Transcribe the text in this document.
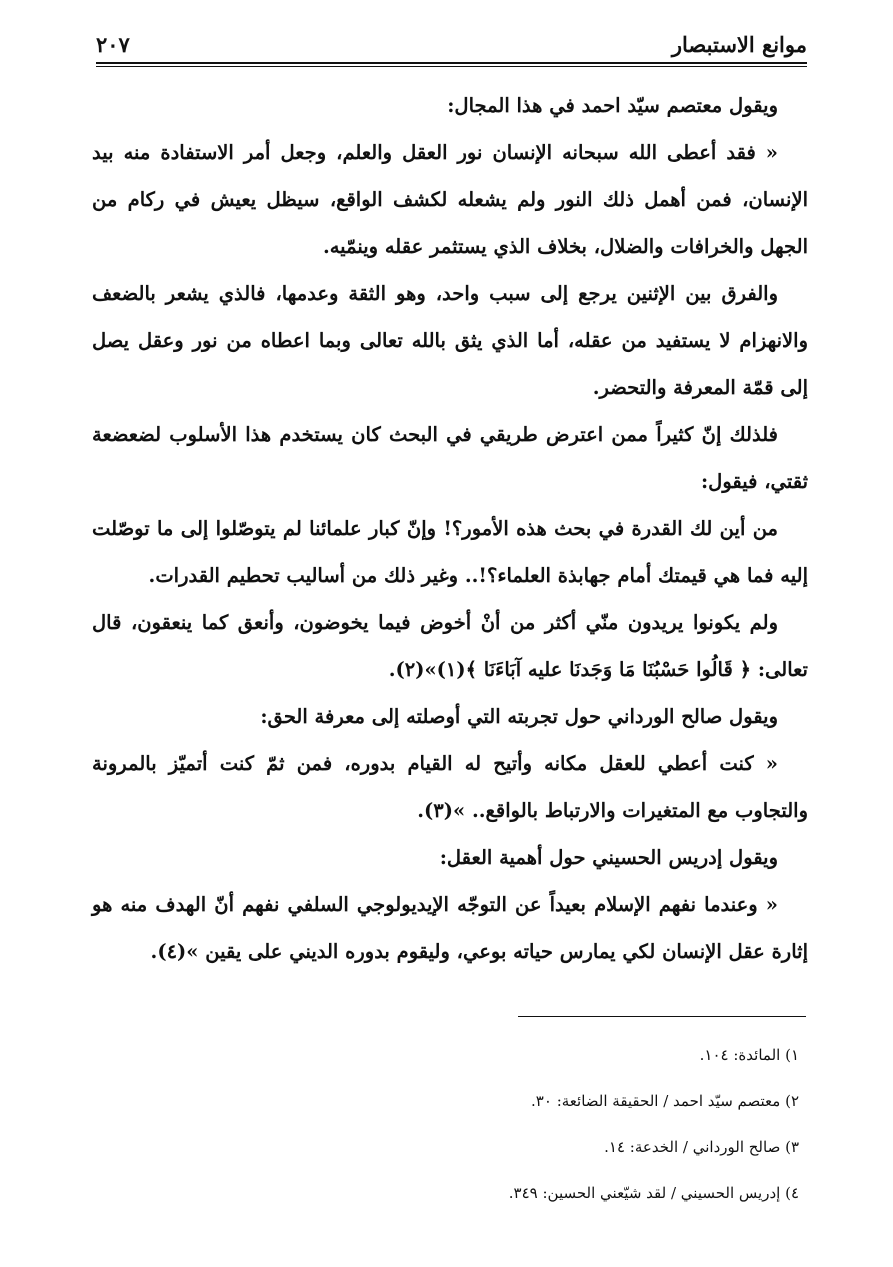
موانع الاستبصار
٢٠٧

ويقول معتصم سيّد احمد في هذا المجال:

« فقد أعطى الله سبحانه الإنسان نور العقل والعلم، وجعل أمر الاستفادة منه بيد الإنسان، فمن أهمل ذلك النور ولم يشعله لكشف الواقع، سيظل يعيش في ركام من الجهل والخرافات والضلال، بخلاف الذي يستثمر عقله وينمّيه.

والفرق بين الإثنين يرجع إلى سبب واحد، وهو الثقة وعدمها، فالذي يشعر بالضعف والانهزام لا يستفيد من عقله، أما الذي يثق بالله تعالى وبما اعطاه من نور وعقل يصل إلى قمّة المعرفة والتحضر.

فلذلك إنّ كثيراً ممن اعترض طريقي في البحث كان يستخدم هذا الأسلوب لضعضعة ثقتي، فيقول:

من أين لك القدرة في بحث هذه الأمور؟! وإنّ كبار علمائنا لم يتوصّلوا إلى ما توصّلت إليه فما هي قيمتك أمام جهابذة العلماء؟!.. وغير ذلك من أساليب تحطيم القدرات.

ولم يكونوا يريدون منّي أكثر من أنْ أخوض فيما يخوضون، وأنعق كما ينعقون، قال تعالى: ﴿ قَالُوا حَسْبُنَا مَا وَجَدنَا عليه آبَاءَنَا ﴾(١)»(٢).

ويقول صالح الورداني حول تجربته التي أوصلته إلى معرفة الحق:

« كنت أعطي للعقل مكانه وأتيح له القيام بدوره، فمن ثمّ كنت أتميّز بالمرونة والتجاوب مع المتغيرات والارتباط بالواقع.. »(٣).

ويقول إدريس الحسيني حول أهمية العقل:

« وعندما نفهم الإسلام بعيداً عن التوجّه الإيديولوجي السلفي نفهم أنّ الهدف منه هو إثارة عقل الإنسان لكي يمارس حياته بوعي، وليقوم بدوره الديني على يقين »(٤).

١) المائدة: ١٠٤.
٢) معتصم سيّد احمد / الحقيقة الضائعة: ٣٠.
٣) صالح الورداني / الخدعة: ١٤.
٤) إدريس الحسيني / لقد شيّعني الحسين: ٣٤٩.
